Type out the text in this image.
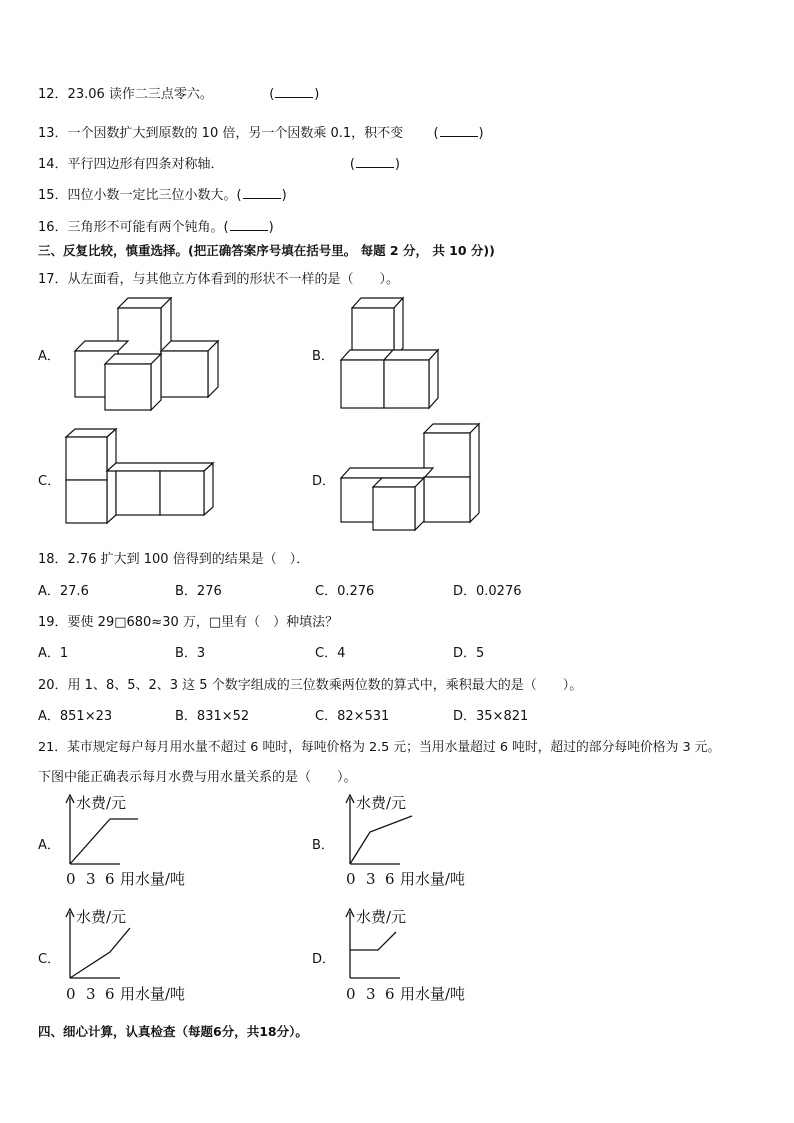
12．23.06 读作二三点零六。	(	)
13．一个因数扩大到原数的 10 倍，另一个因数乘 0.1，积不变 (	)
14．平行四边形有四条对称轴．	(	)
15．四位小数一定比三位小数大。(	)
16．三角形不可能有两个钝角。(	)
三、反复比较，慎重选择。(把正确答案序号填在括号里。 每题 2 分， 共 10 分))
17．从左面看，与其他立方体看到的形状不一样的是（　　）。
A．	B．
C．	D．
18．2.76 扩大到 100 倍得到的结果是（　）．
A．27.6	B．276	C．0.276	D．0.0276
19．要使 29□680≈30 万，□里有（　）种填法？
A．1	B．3	C．4	D．5
20．用 1、8、5、2、3 这 5 个数字组成的三位数乘两位数的算式中，乘积最大的是（　　）。
A．851×23	B．831×52	C．82×531	D．35×821
21．某市规定每户每月用水量不超过 6 吨时，每吨价格为 2.5 元；当用水量超过 6 吨时，超过的部分每吨价格为 3 元。
下图中能正确表示每月水费与用水量关系的是（　　）。
A．
水费/元
0 3 6 用水量/吨
B．
水费/元
0 3 6 用水量/吨
C．
水费/元
0 3 6 用水量/吨
D．
水费/元
0 3 6 用水量/吨
四、细心计算，认真检查（每题6分，共18分）。
